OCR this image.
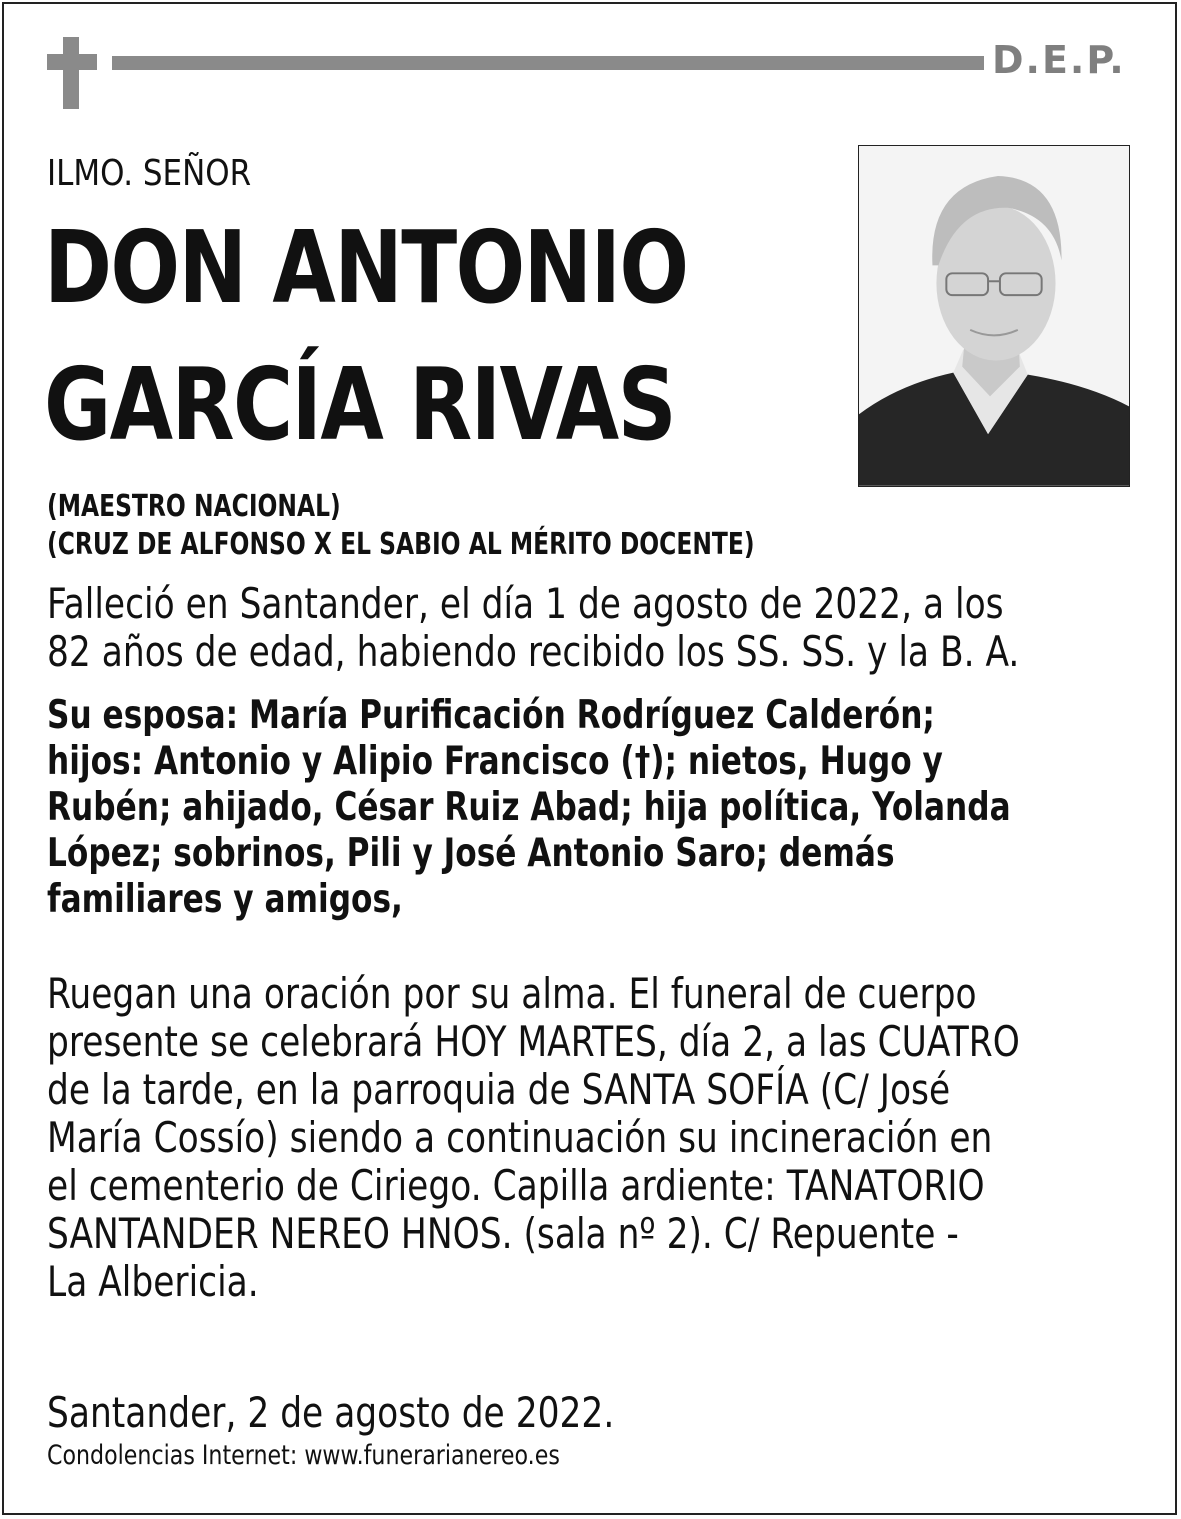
D.E.P.
ILMO. SEÑOR
DON ANTONIO
GARCÍA RIVAS
(MAESTRO NACIONAL)
(CRUZ DE ALFONSO X EL SABIO AL MÉRITO DOCENTE)
Falleció en Santander, el día 1 de agosto de 2022, a los
82 años de edad, habiendo recibido los SS. SS. y la B. A.
Su esposa: María Purificación Rodríguez Calderón;
hijos: Antonio y Alipio Francisco (†); nietos, Hugo y
Rubén; ahijado, César Ruiz Abad; hija política, Yolanda
López; sobrinos, Pili y José Antonio Saro; demás
familiares y amigos,
Ruegan una oración por su alma. El funeral de cuerpo
presente se celebrará HOY MARTES, día 2, a las CUATRO
de la tarde, en la parroquia de SANTA SOFÍA (C/ José
María Cossío) siendo a continuación su incineración en
el cementerio de Ciriego. Capilla ardiente: TANATORIO
SANTANDER NEREO HNOS. (sala nº 2). C/ Repuente -
La Albericia.
Santander, 2 de agosto de 2022.
Condolencias Internet: www.funerarianereo.es
